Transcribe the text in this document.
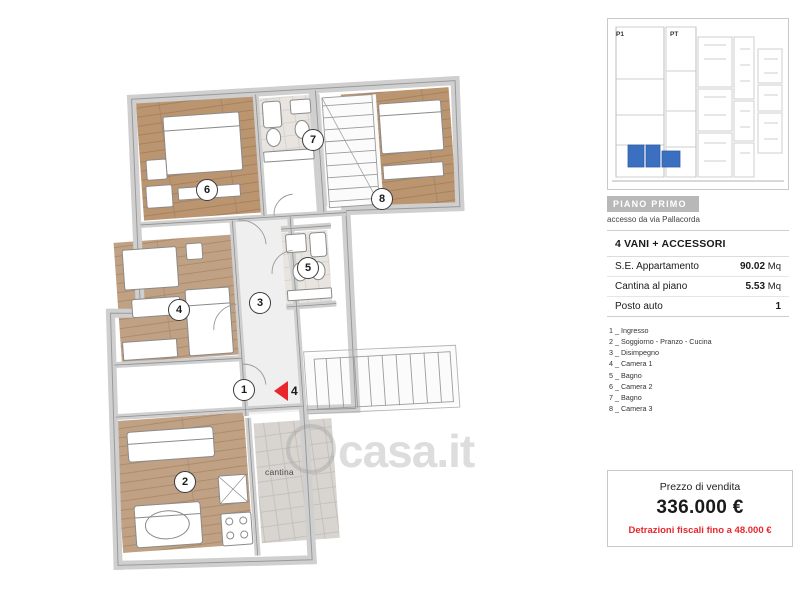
1
2
3
4
5
6
7
8
cantina
4
casa.it
P1	PT
PIANO PRIMO
accesso da via Pallacorda
4 VANI + ACCESSORI
S.E. Appartamento	90.02 Mq
Cantina al piano	5.53 Mq
Posto auto	1
1 _ Ingresso
2 _ Soggiorno - Pranzo - Cucina
3 _ Disimpegno
4 _ Camera 1
5 _ Bagno
6 _ Camera 2
7 _ Bagno
8 _ Camera 3
Prezzo di vendita
336.000 €
Detrazioni fiscali fino a 48.000 €
